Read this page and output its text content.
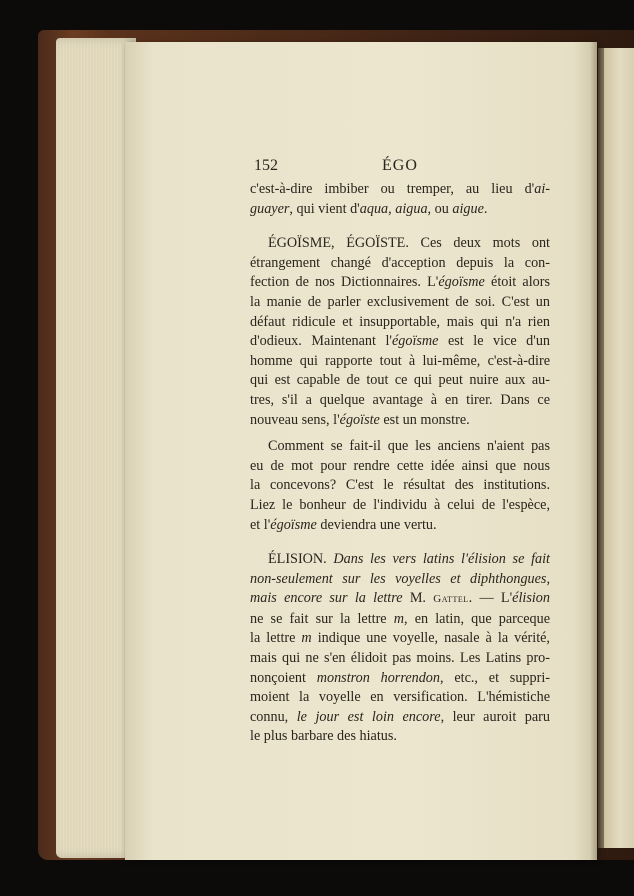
152	ÉGO
c'est-à-dire imbiber ou tremper, au lieu d'ai-
guayer, qui vient d'aqua, aigua, ou aigue.
ÉGOÏSME, ÉGOÏSTE. Ces deux mots ont
étrangement changé d'acception depuis la con-
fection de nos Dictionnaires. L'égoïsme étoit alors
la manie de parler exclusivement de soi. C'est un
défaut ridicule et insupportable, mais qui n'a rien
d'odieux. Maintenant l'égoïsme est le vice d'un
homme qui rapporte tout à lui-même, c'est-à-dire
qui est capable de tout ce qui peut nuire aux au-
tres, s'il a quelque avantage à en tirer. Dans ce
nouveau sens, l'égoïste est un monstre.
Comment se fait-il que les anciens n'aient pas
eu de mot pour rendre cette idée ainsi que nous
la concevons? C'est le résultat des institutions.
Liez le bonheur de l'individu à celui de l'espèce,
et l'égoïsme deviendra une vertu.
ÉLISION. Dans les vers latins l'élision se fait
non-seulement sur les voyelles et diphthongues,
mais encore sur la lettre M. Gattel. — L'élision
ne se fait sur la lettre m, en latin, que parceque
la lettre m indique une voyelle, nasale à la vérité,
mais qui ne s'en élidoit pas moins. Les Latins pro-
nonçoient monstron horrendon, etc., et suppri-
moient la voyelle en versification. L'hémistiche
connu, le jour est loin encore, leur auroit paru
le plus barbare des hiatus.
